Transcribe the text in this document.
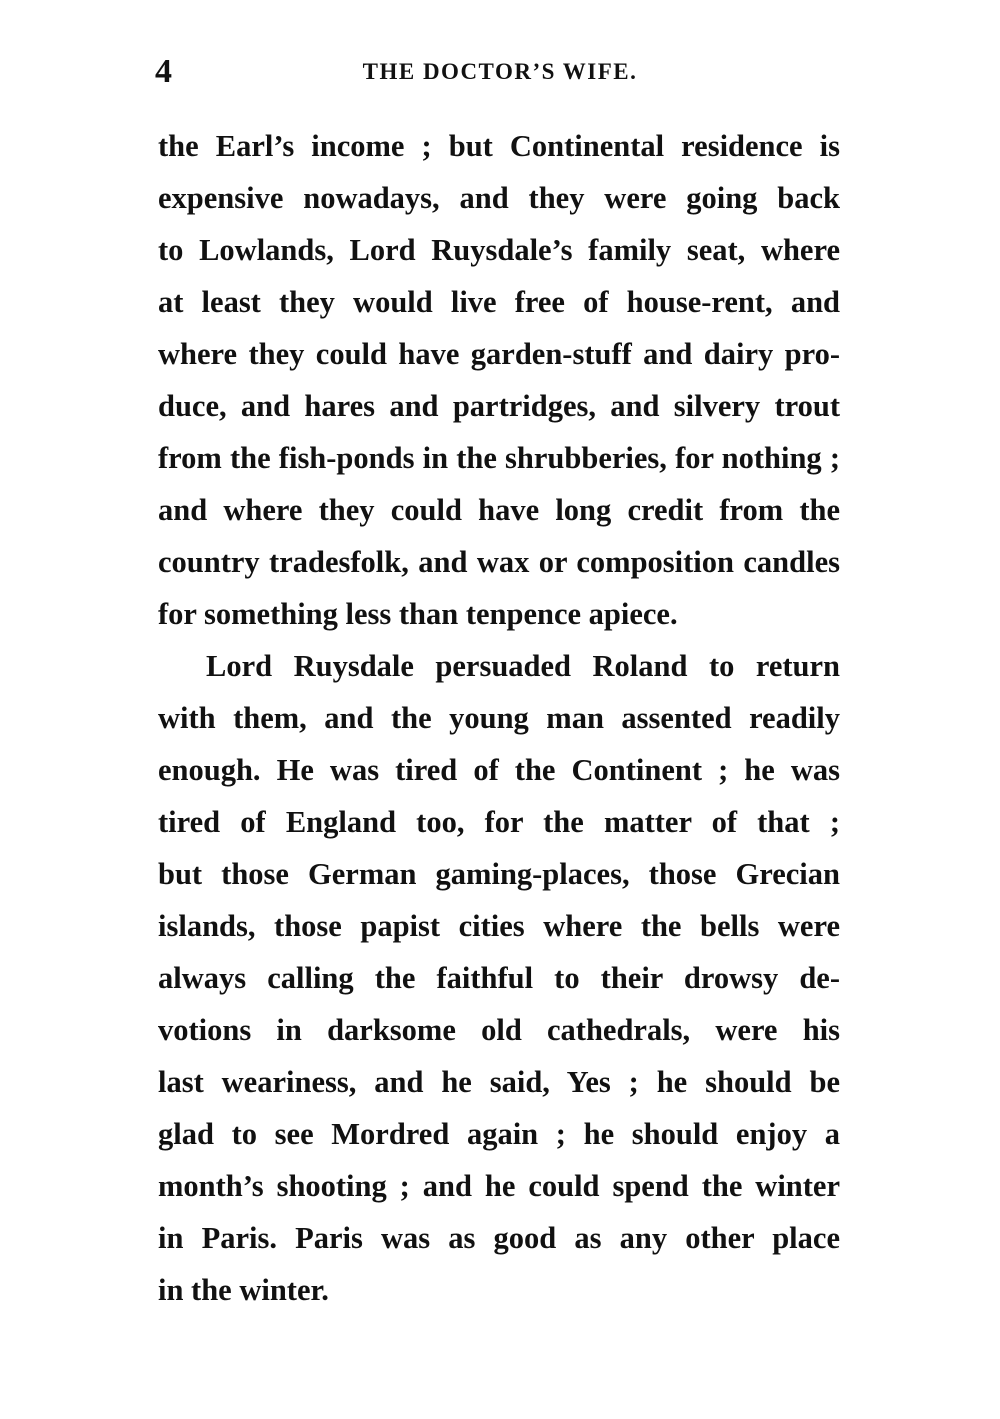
4	THE DOCTOR’S WIFE.
the Earl’s income ; but Continental residence is
expensive nowadays, and they were going back
to Lowlands, Lord Ruysdale’s family seat, where
at least they would live free of house-rent, and
where they could have garden-stuff and dairy pro-
duce, and hares and partridges, and silvery trout
from the fish-ponds in the shrubberies, for nothing ;
and where they could have long credit from the
country tradesfolk, and wax or composition candles
for something less than tenpence apiece.
Lord Ruysdale persuaded Roland to return
with them, and the young man assented readily
enough. He was tired of the Continent ; he was
tired of England too, for the matter of that ;
but those German gaming-places, those Grecian
islands, those papist cities where the bells were
always calling the faithful to their drowsy de-
votions in darksome old cathedrals, were his
last weariness, and he said, Yes ; he should be
glad to see Mordred again ; he should enjoy a
month’s shooting ; and he could spend the winter
in Paris. Paris was as good as any other place
in the winter.
